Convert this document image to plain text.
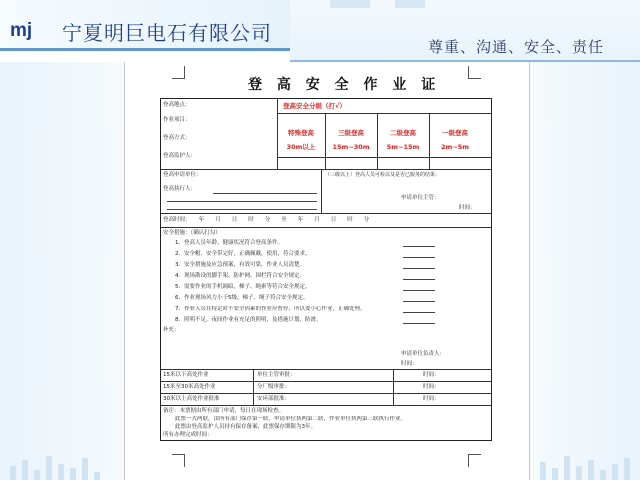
mj 宁夏明巨电石有限公司
尊重、沟通、安全、责任
登 高 安 全 作 业 证
登高地点：
作业项目：
登高方式：
登高监护人：
登高安全分级（打√）
特殊登高
30m以上
三级登高
15m~30m
二级登高
5m~15m
一级登高
2m~5m
登高申请单位：
登高执行人：
（三级以上）登高人员可检以及是否已服务的结果：
申请单位主管：
时间：
登高时间：　　年　　月　　日　　时　　分　　至　　年　　月　　日　　时　　分
安全措施：（确认打勾）
1．登高人员年龄、健康状况符合登高条件。
2．安全帽、安全带完好，正确佩戴，使用，符合要求。
3．安全措施及应急预案，有效可靠，作业人员清楚。
4．现场勘设的脚手架、防护网、围栏符合安全规定。
5．需要作业的手机调暗，梯子、绳索等符合安全规定。
6．作业现场风力小于5级，梯子、绳子符合安全规定。
7．作业人员在特定时不安全因素的作业应暂停，所以要小心作业，正确处理。
8．照明不足，夜间作业有充足的照明，及措施计划，防滑。
补充：
申请单位负责人：
时间：
15米以下高处作业	单位主管审批：	时间：
15米至30米高处作业	分厂级审批：	时间：
30米以上高处作业批准	安环部批准：	时间：
备注：本票据由所有部门申请，每日在现场检查。
此票一式两联，由所有部门保存第一联，申请单位执两第二联，作业单位执两第三联执行作业。
此票由登高监护人员持有保存备案，此票保存期限为3年。
所有办理完成时间：
